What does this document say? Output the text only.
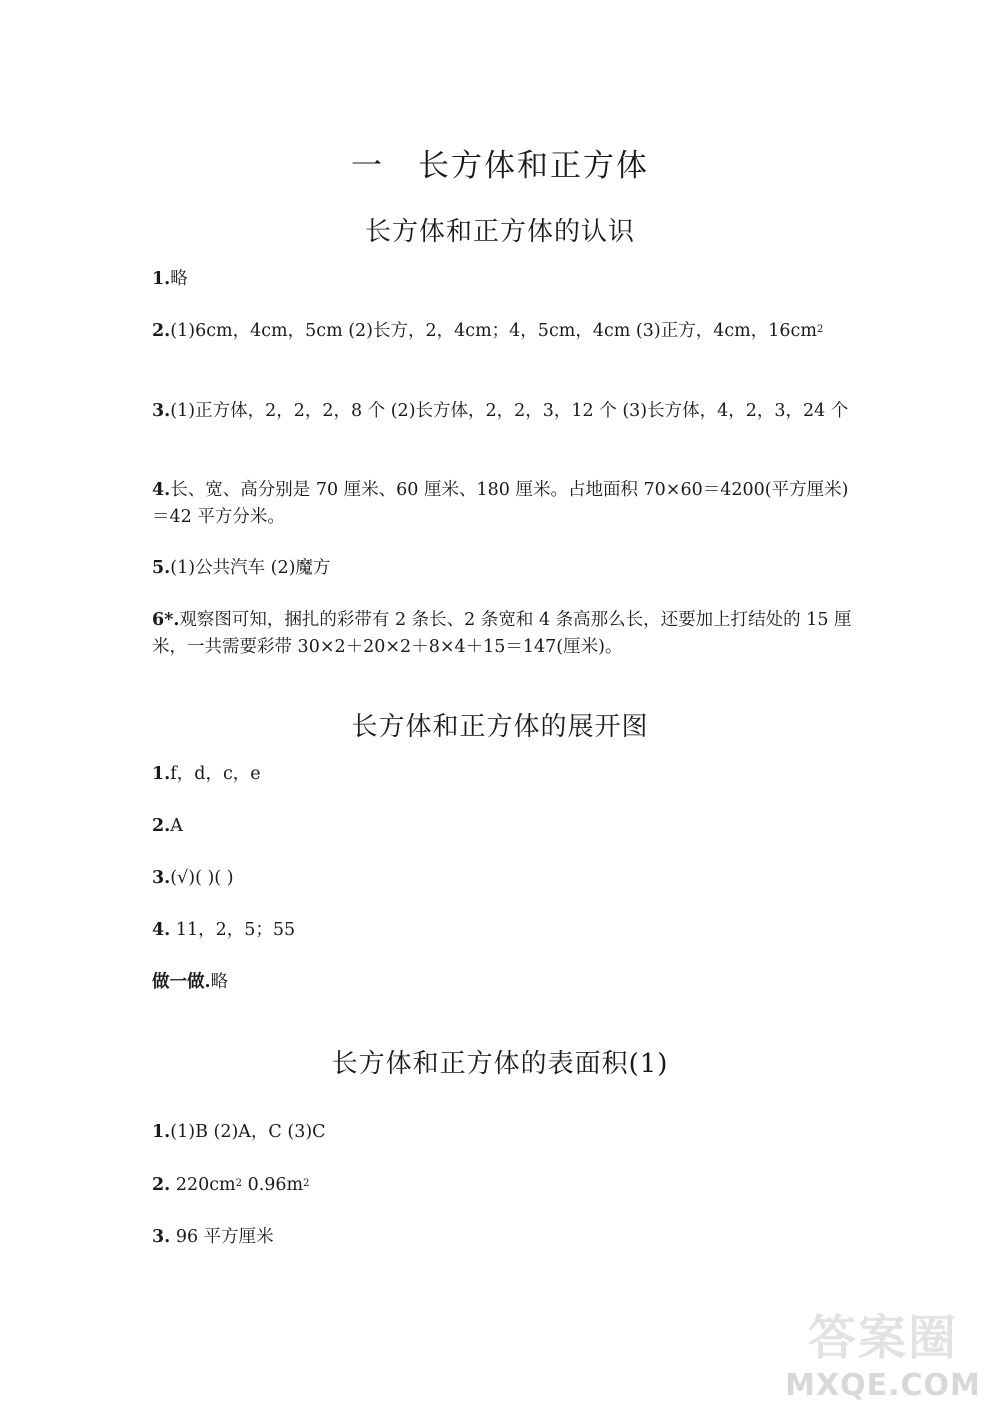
一 长方体和正方体
长方体和正方体的认识
1.略
2.(1)6cm，4cm，5cm (2)长方，2，4cm；4，5cm，4cm (3)正方，4cm，$16cm^2$
3.(1)正方体，2，2，2，8 个 (2)长方体，2，2，3，12 个 (3)长方体，4，2，3，24 个
4.长、宽、高分别是 70 厘米、60 厘米、180 厘米。占地面积 70×60＝4200(平方厘米)＝42 平方分米。
5.(1)公共汽车 (2)魔方
6*.观察图可知，捆扎的彩带有 2 条长、2 条宽和 4 条高那么长，还要加上打结处的 15 厘米，一共需要彩带 30×2＋20×2＋8×4＋15＝147(厘米)。
长方体和正方体的展开图
1.f，d，c，e
2.A
3.(√)( )( )
4. 11，2，5；55
做一做.略
长方体和正方体的表面积(1)
1.(1)B (2)A，C (3)C
2. $220cm^2$ $0.96m^2$
3. 96 平方厘米
答案圈
MXQE.COM
